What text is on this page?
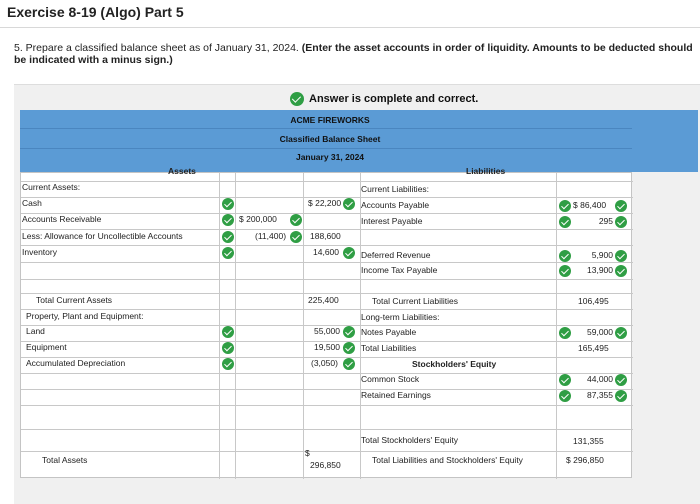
Exercise 8-19 (Algo) Part 5
5. Prepare a classified balance sheet as of January 31, 2024. (Enter the asset accounts in order of liquidity. Amounts to be deducted should be indicated with a minus sign.)
Answer is complete and correct.
ACME FIREWORKS
Classified Balance Sheet
January 31, 2024
Assets	Liabilities
Current Assets:
Cash
Accounts Receivable
Less: Allowance for Uncollectible Accounts
Inventory
Total Current Assets
Property, Plant and Equipment:
Land
Equipment
Accumulated Depreciation
Total Assets
$ 200,000
(11,400)
$ 22,200
188,600
14,600
225,400
55,000
19,500
(3,050)
$
296,850
Current Liabilities:
Accounts Payable
Interest Payable
Deferred Revenue
Income Tax Payable
Total Current Liabilities
Long-term Liabilities:
Notes Payable
Total Liabilities
Stockholders' Equity
Common Stock
Retained Earnings
Total Stockholders' Equity
Total Liabilities and Stockholders' Equity
$ 86,400
295
5,900
13,900
106,495
59,000
165,495
44,000
87,355
131,355
$ 296,850
